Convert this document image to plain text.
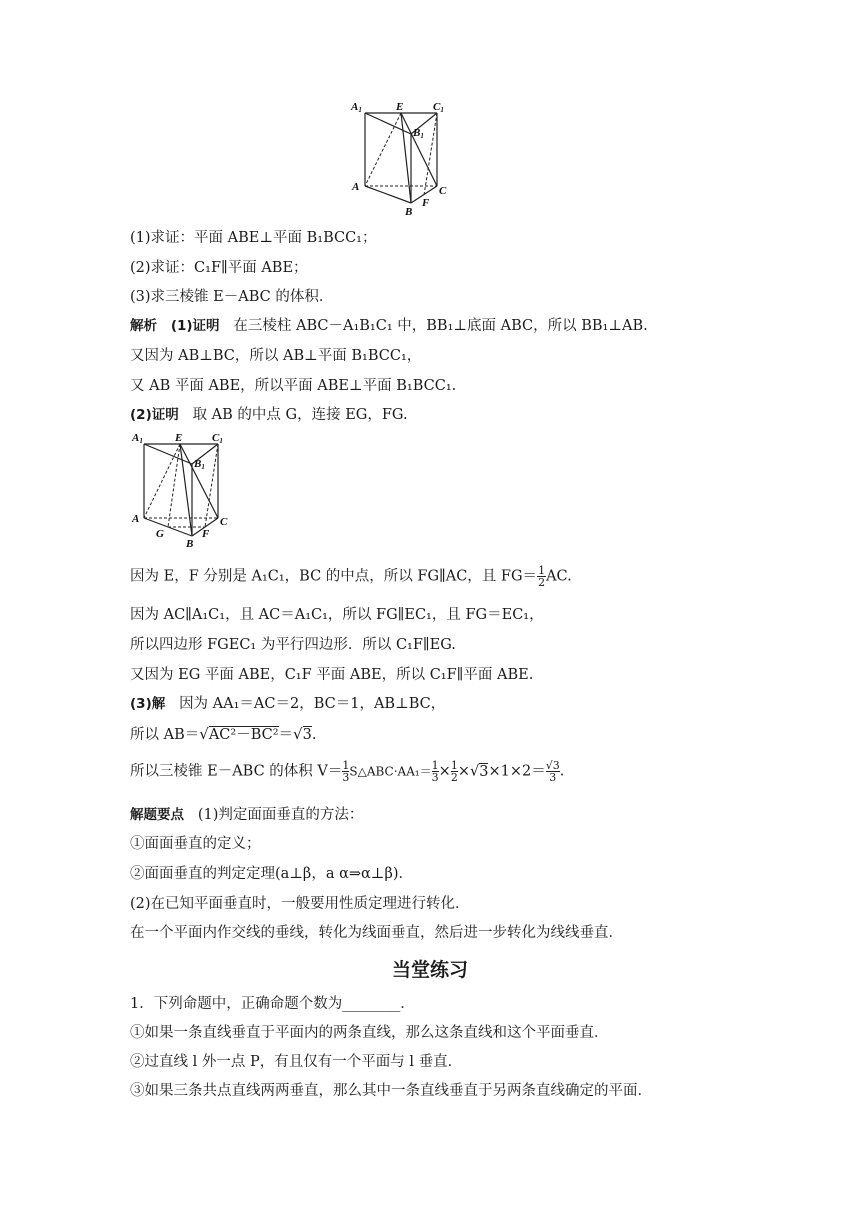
A1	E	C1
B1
A	C
B
F
(1)求证：平面 ABE⊥平面 B₁BCC₁；
(2)求证：C₁F∥平面 ABE；
(3)求三棱锥 E－ABC 的体积．
解析 (1)证明 在三棱柱 ABC－A₁B₁C₁ 中，BB₁⊥底面 ABC，所以 BB₁⊥AB.
又因为 AB⊥BC，所以 AB⊥平面 B₁BCC₁，
又 AB 平面 ABE，所以平面 ABE⊥平面 B₁BCC₁.
(2)证明 取 AB 的中点 G，连接 EG，FG.
A1	E	C1
B1
A	C
G
B
F
因为 E，F 分别是 A₁C₁，BC 的中点，所以 FG∥AC，且 $FG= \frac{1}{2}$ AC.
因为 AC∥A₁C₁，且 AC＝A₁C₁，所以 FG∥EC₁，且 FG＝EC₁，
所以四边形 FGEC₁ 为平行四边形．所以 C₁F∥EG.
又因为 EG 平面 ABE，C₁F 平面 ABE，所以 C₁F∥平面 ABE.
(3)解 因为 AA₁＝AC＝2，BC＝1，AB⊥BC，
所以 AB＝√AC²－BC²＝√3.
所以三棱锥 E－ABC 的体积 $V= \frac{1}{3}$ S△ABC·AA₁＝ $\frac{1}{3} \times \frac{1}{2} \times√3\times 1\times 2= \frac{√3}{3}$ .
解题要点 (1)判定面面垂直的方法：
①面面垂直的定义；
②面面垂直的判定定理(a⊥β，a α⇒α⊥β)．
(2)在已知平面垂直时，一般要用性质定理进行转化．
在一个平面内作交线的垂线，转化为线面垂直，然后进一步转化为线线垂直．
当堂练习
1．下列命题中，正确命题个数为________．
①如果一条直线垂直于平面内的两条直线，那么这条直线和这个平面垂直．
②过直线 l 外一点 P，有且仅有一个平面与 l 垂直．
③如果三条共点直线两两垂直，那么其中一条直线垂直于另两条直线确定的平面．
